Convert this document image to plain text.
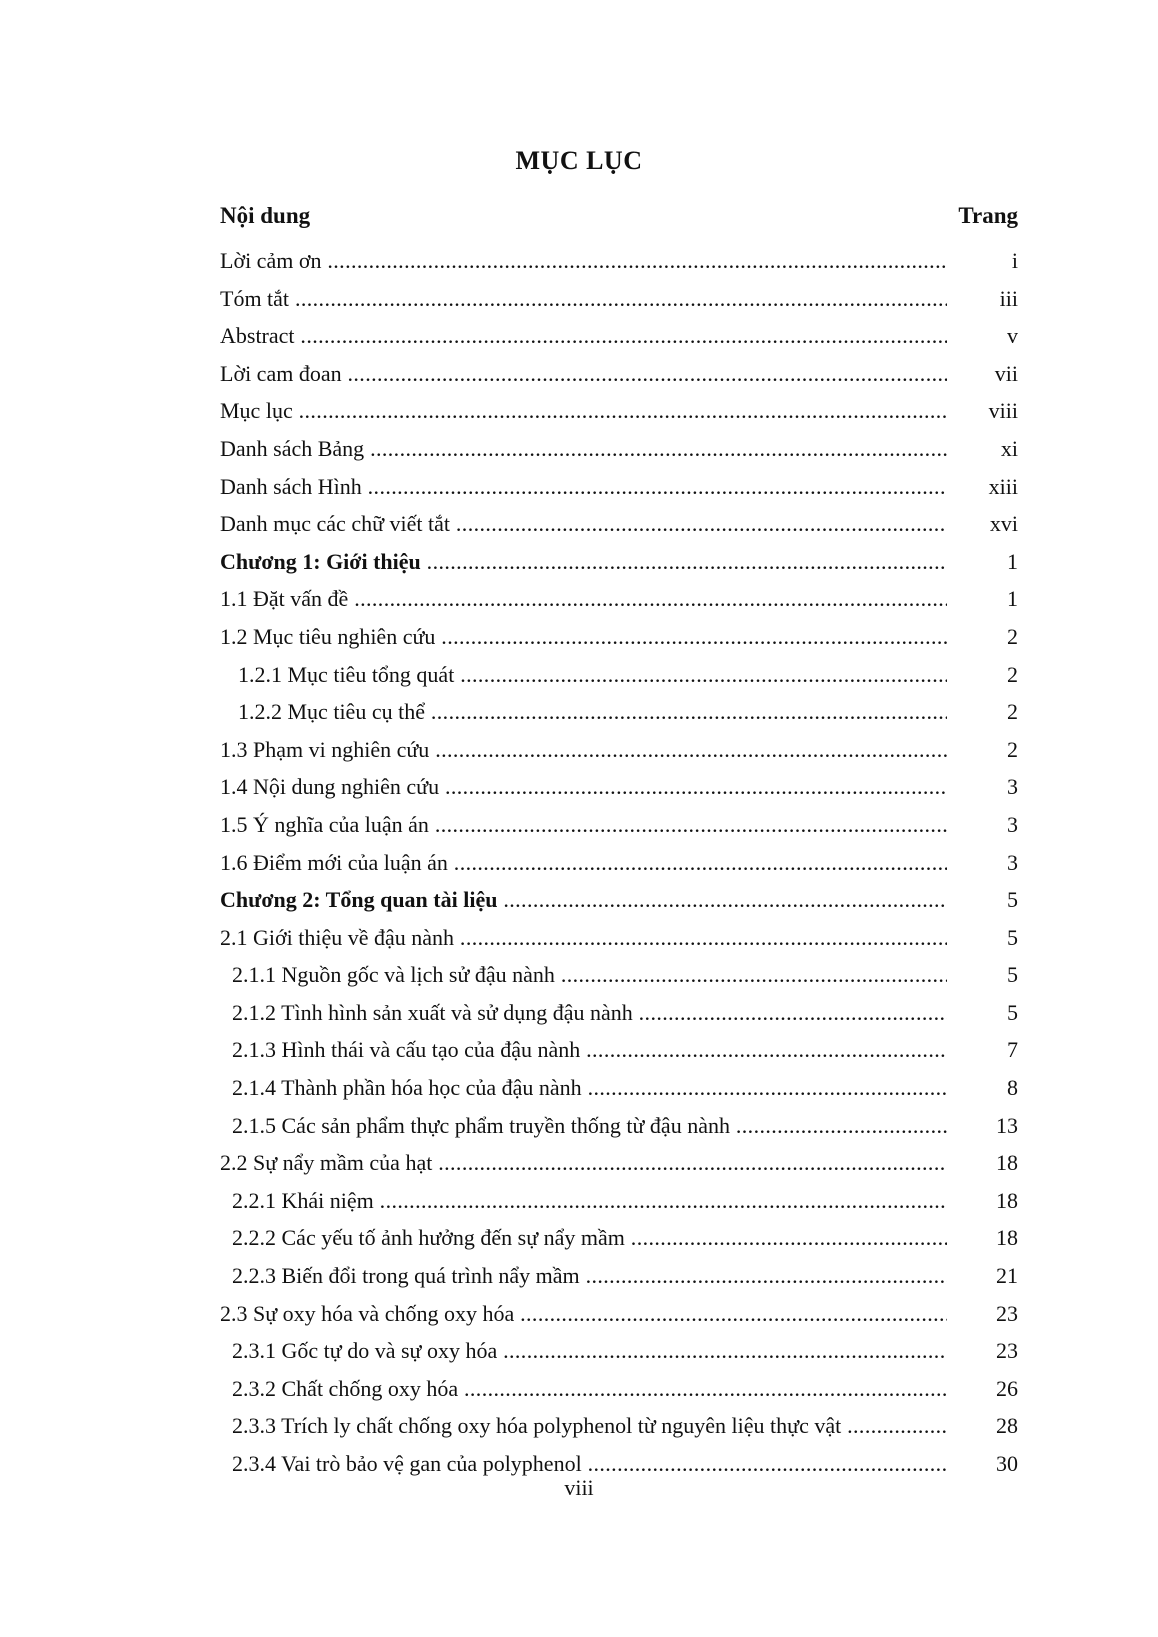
MỤC LỤC
Nội dung	Trang
Lời cảm ơn .....	i
Tóm tắt .....	iii
Abstract .....	v
Lời cam đoan .....	vii
Mục lục .....	viii
Danh sách Bảng .....	xi
Danh sách Hình .....	xiii
Danh mục các chữ viết tắt .....	xvi
Chương 1: Giới thiệu .....	1
1.1 Đặt vấn đề .....	1
1.2 Mục tiêu nghiên cứu .....	2
1.2.1 Mục tiêu tổng quát .....	2
1.2.2 Mục tiêu cụ thể .....	2
1.3 Phạm vi nghiên cứu .....	2
1.4 Nội dung nghiên cứu .....	3
1.5 Ý nghĩa của luận án .....	3
1.6 Điểm mới của luận án .....	3
Chương 2: Tổng quan tài liệu .....	5
2.1 Giới thiệu về đậu nành .....	5
2.1.1 Nguồn gốc và lịch sử đậu nành .....	5
2.1.2 Tình hình sản xuất và sử dụng đậu nành .....	5
2.1.3 Hình thái và cấu tạo của đậu nành .....	7
2.1.4 Thành phần hóa học của đậu nành .....	8
2.1.5 Các sản phẩm thực phẩm truyền thống từ đậu nành .....	13
2.2 Sự nẩy mầm của hạt .....	18
2.2.1 Khái niệm .....	18
2.2.2 Các yếu tố ảnh hưởng đến sự nẩy mầm .....	18
2.2.3 Biến đổi trong quá trình nẩy mầm .....	21
2.3 Sự oxy hóa và chống oxy hóa .....	23
2.3.1 Gốc tự do và sự oxy hóa .....	23
2.3.2 Chất chống oxy hóa .....	26
2.3.3 Trích ly chất chống oxy hóa polyphenol từ nguyên liệu thực vật .....	28
2.3.4 Vai trò bảo vệ gan của polyphenol .....	30
viii
